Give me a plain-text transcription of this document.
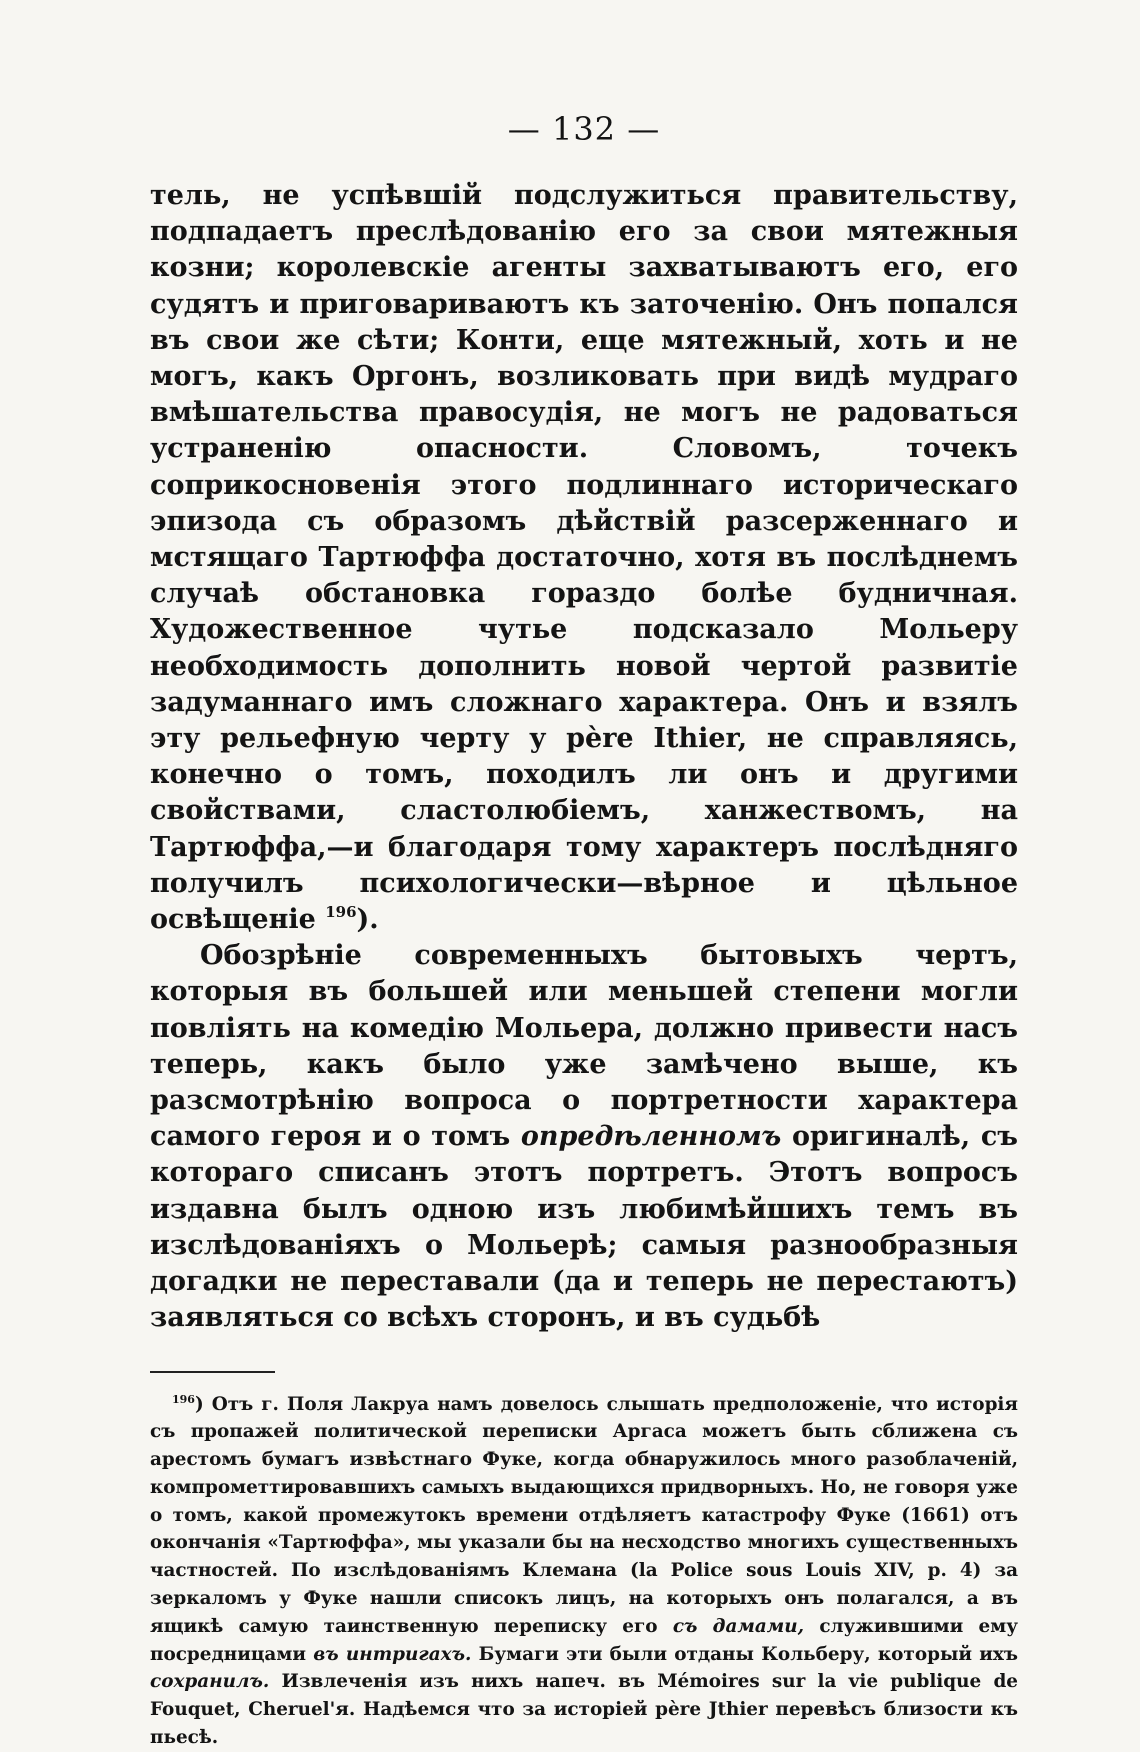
— 132 —

тель, не успѣвшій подслужиться правительству, подпадаетъ преслѣдованію его за свои мятежныя козни; королевскіе агенты захватываютъ его, его судятъ и приговариваютъ къ заточенію. Онъ попался въ свои же сѣти; Конти, еще мятежный, хоть и не могъ, какъ Оргонъ, возликовать при видѣ мудраго вмѣшательства правосудія, не могъ не радоваться устраненію опасности. Словомъ, точекъ соприкосновенія этого подлиннаго историческаго эпизода съ образомъ дѣйствій разсерженнаго и мстящаго Тартюффа достаточно, хотя въ послѣднемъ случаѣ обстановка гораздо болѣе будничная. Художественное чутье подсказало Мольеру необходимость дополнить новой чертой развитіе задуманнаго имъ сложнаго характера. Онъ и взялъ эту рельефную черту у père Ithier, не справляясь, конечно о томъ, походилъ ли онъ и другими свойствами, сластолюбіемъ, ханжествомъ, на Тартюффа,—и благодаря тому характеръ послѣдняго получилъ психологически—вѣрное и цѣльное освѣщеніе $^{196}$).

Обозрѣніе современныхъ бытовыхъ чертъ, которыя въ большей или меньшей степени могли повліять на комедію Мольера, должно привести насъ теперь, какъ было уже замѣчено выше, къ разсмотрѣнію вопроса о портретности характера самого героя и о томъ опредѣленномъ оригиналѣ, съ котораго списанъ этотъ портретъ. Этотъ вопросъ издавна былъ одною изъ любимѣйшихъ темъ въ изслѣдованіяхъ о Мольерѣ; самыя разнообразныя догадки не переставали (да и теперь не перестаютъ) заявляться со всѣхъ сторонъ, и въ судьбѣ

$^{196}$) Отъ г. Поля Лакруа намъ довелось слышать предположеніе, что исторія съ пропажей политической переписки Аргаса можетъ быть сближена съ арестомъ бумагъ извѣстнаго Фуке, когда обнаружилось много разоблаченій, компрометтировавшихъ самыхъ выдающихся придворныхъ. Но, не говоря уже о томъ, какой промежутокъ времени отдѣляетъ катастрофу Фуке (1661) отъ окончанія «Тартюффа», мы указали бы на несходство многихъ существенныхъ частностей. По изслѣдованіямъ Клемана (la Police sous Louis XIV, p. 4) за зеркаломъ у Фуке нашли списокъ лицъ, на которыхъ онъ полагался, а въ ящикѣ самую таинственную переписку его съ дамами, служившими ему посредницами въ интригахъ. Бумаги эти были отданы Кольберу, который ихъ сохранилъ. Извлеченія изъ нихъ напеч. въ Mémoires sur la vie publique de Fouquet, Cheruel'я. Надѣемся что за исторіей père Jthier перевѣсъ близости къ пьесѣ.
